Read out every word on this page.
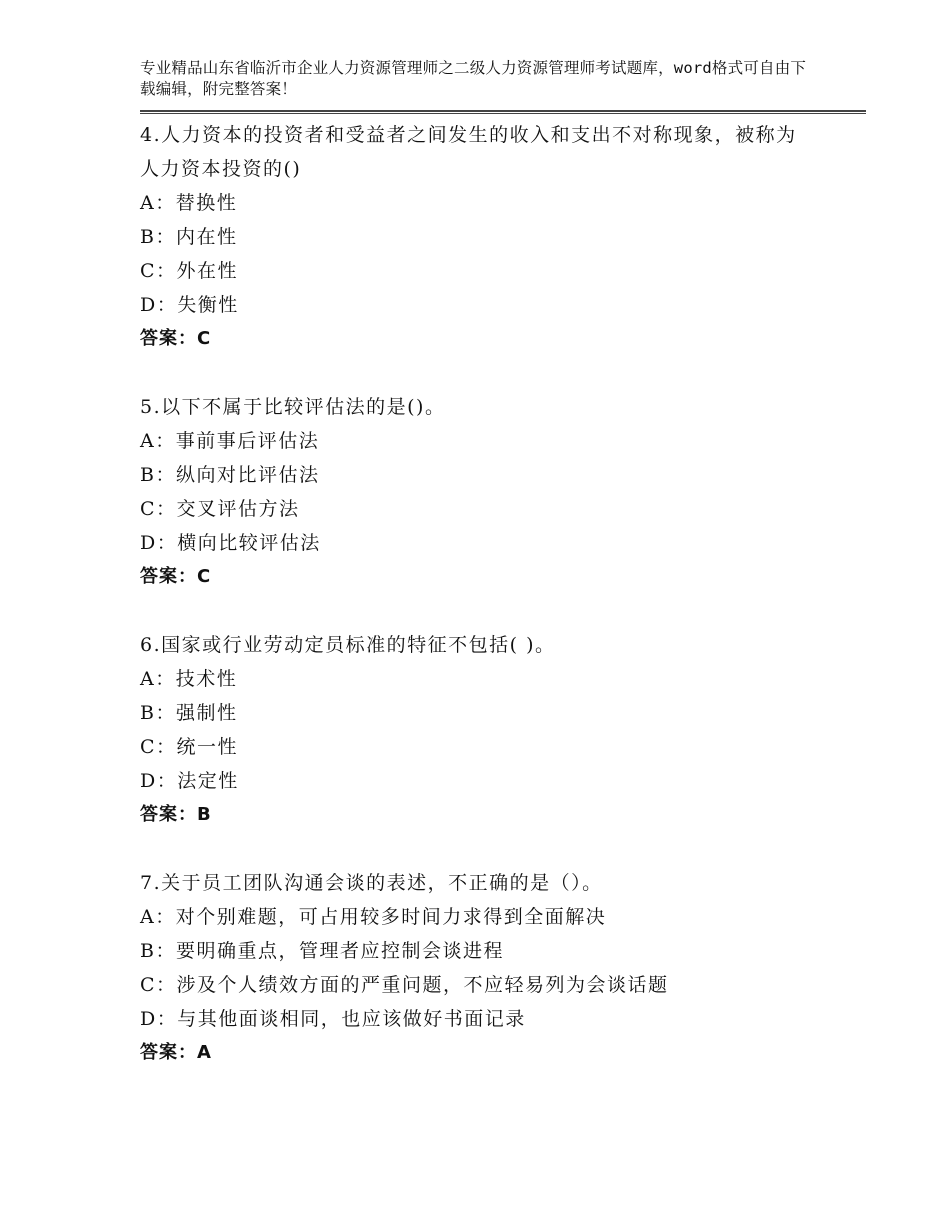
专业精品山东省临沂市企业人力资源管理师之二级人力资源管理师考试题库，word格式可自由下载编辑，附完整答案！
4.人力资本的投资者和受益者之间发生的收入和支出不对称现象，被称为人力资本投资的()
A：替换性
B：内在性
C：外在性
D：失衡性
答案：C
5.以下不属于比较评估法的是()。
A：事前事后评估法
B：纵向对比评估法
C：交叉评估方法
D：横向比较评估法
答案：C
6.国家或行业劳动定员标准的特征不包括( )。
A：技术性
B：强制性
C：统一性
D：法定性
答案：B
7.关于员工团队沟通会谈的表述，不正确的是（）。
A：对个别难题，可占用较多时间力求得到全面解决
B：要明确重点，管理者应控制会谈进程
C：涉及个人绩效方面的严重问题，不应轻易列为会谈话题
D：与其他面谈相同，也应该做好书面记录
答案：A
